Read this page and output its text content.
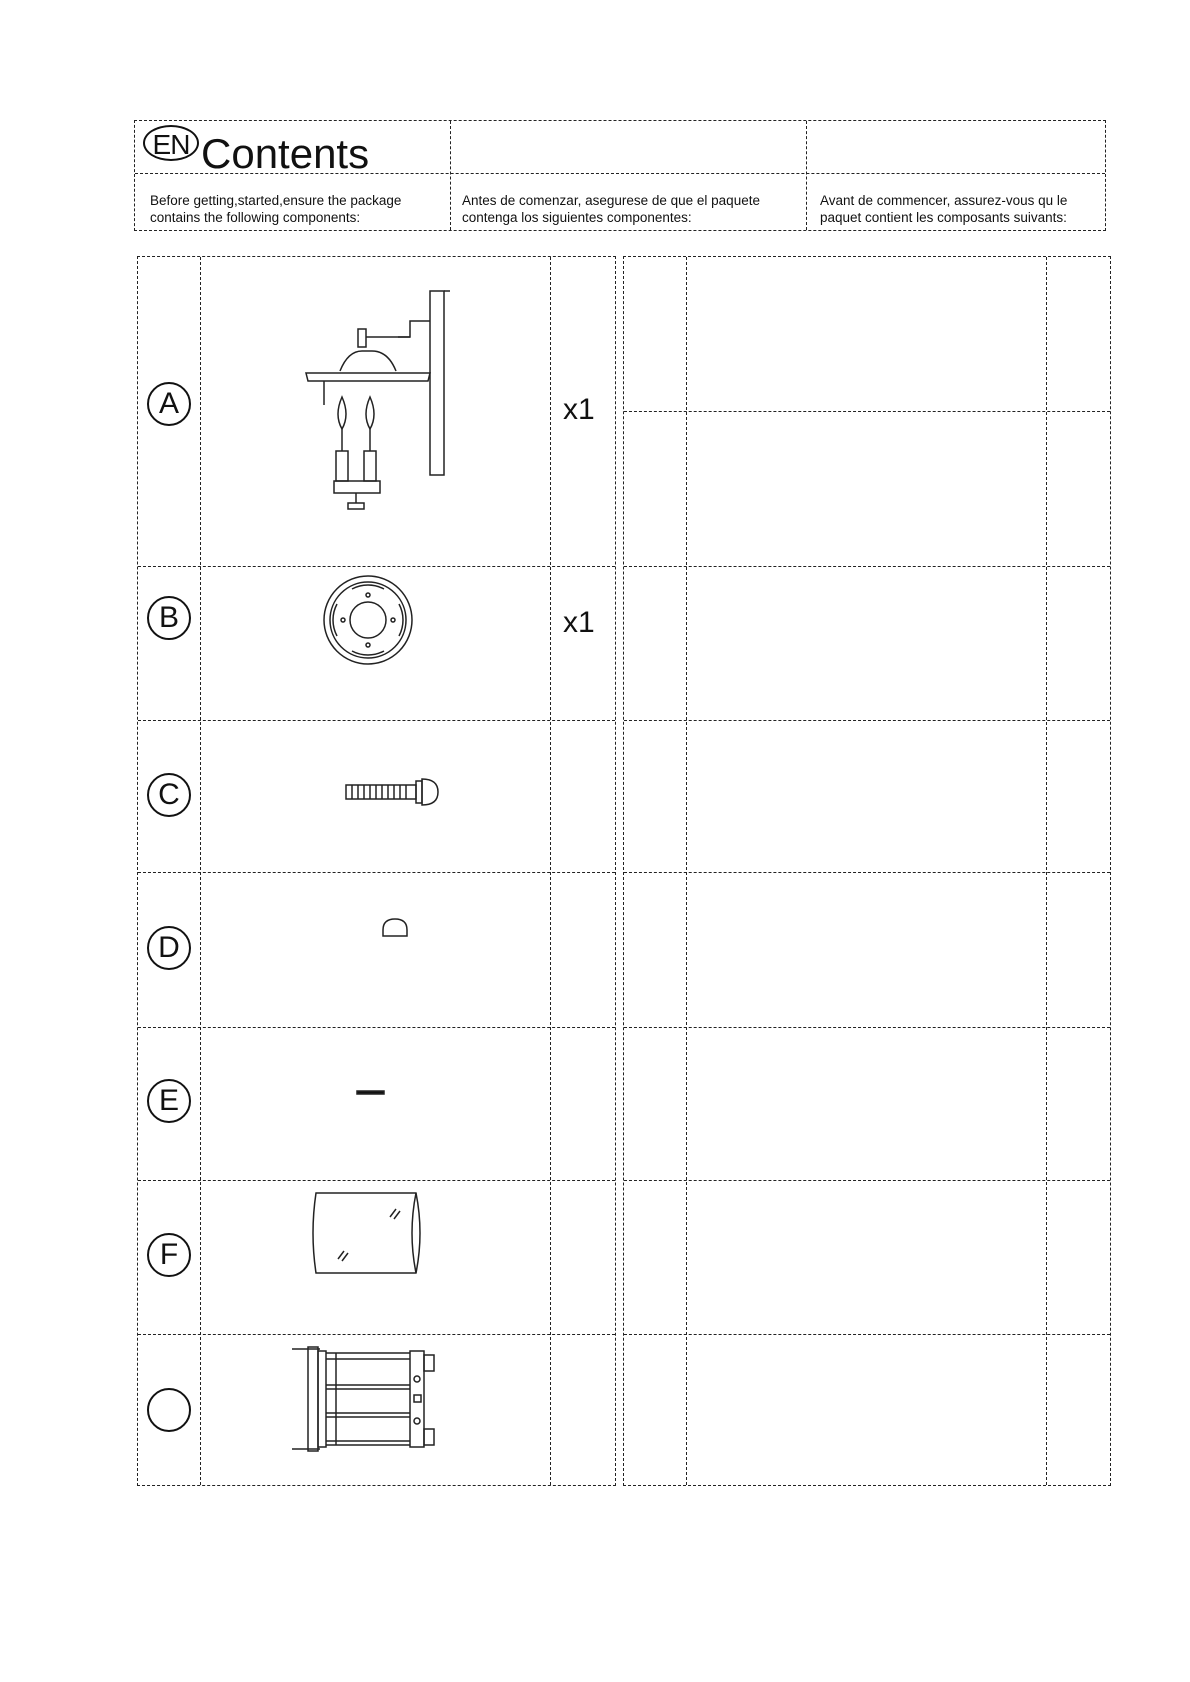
EN Contents
Before getting,started,ensure the package contains the following components:
Antes de comenzar, asegurese de que el paquete contenga los siguientes componentes:
Avant de commencer, assurez-vous qu le paquet contient les composants suivants:
A	x1
B	x1
C
D
E
F
